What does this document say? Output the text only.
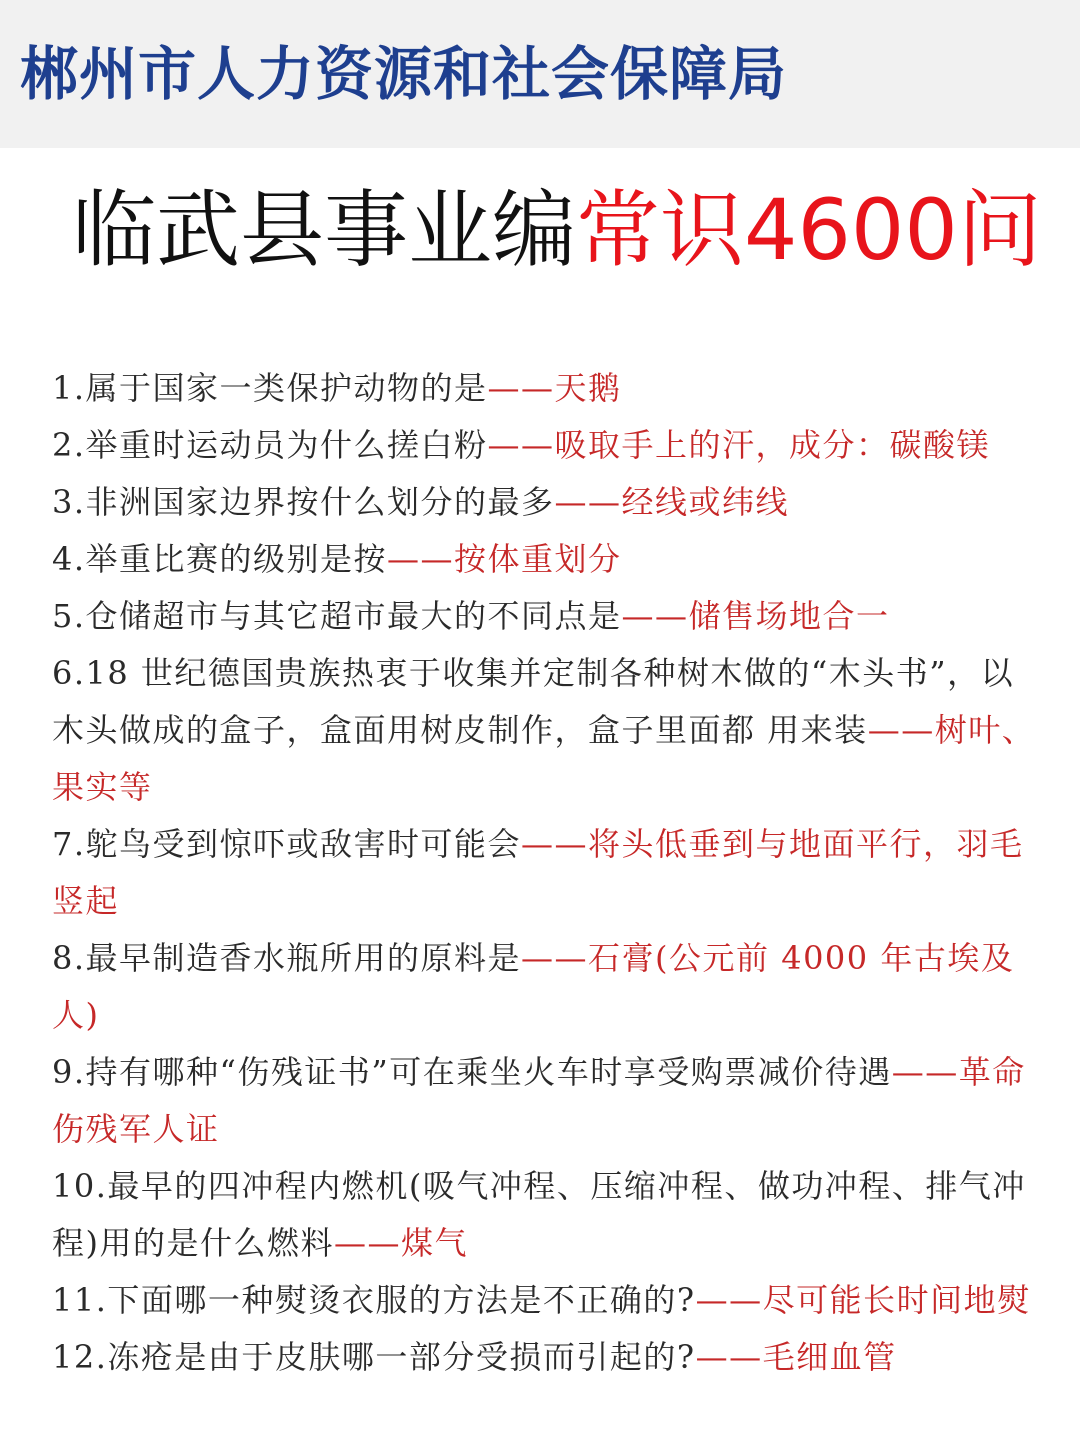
郴州市人力资源和社会保障局
临武县事业编常识4600问
1.属于国家一类保护动物的是——天鹅
2.举重时运动员为什么搓白粉——吸取手上的汗，成分：碳酸镁
3.非洲国家边界按什么划分的最多——经线或纬线
4.举重比赛的级别是按——按体重划分
5.仓储超市与其它超市最大的不同点是——储售场地合一
6.18 世纪德国贵族热衷于收集并定制各种树木做的“木头书”，以木头做成的盒子，盒面用树皮制作，盒子里面都 用来装——树叶、果实等
7.鸵鸟受到惊吓或敌害时可能会——将头低垂到与地面平行，羽毛竖起
8.最早制造香水瓶所用的原料是——石膏(公元前 4000 年古埃及人)
9.持有哪种“伤残证书”可在乘坐火车时享受购票减价待遇——革命伤残军人证
10.最早的四冲程内燃机(吸气冲程、压缩冲程、做功冲程、排气冲程)用的是什么燃料——煤气
11.下面哪一种熨烫衣服的方法是不正确的?——尽可能长时间地熨
12.冻疮是由于皮肤哪一部分受损而引起的?——毛细血管
